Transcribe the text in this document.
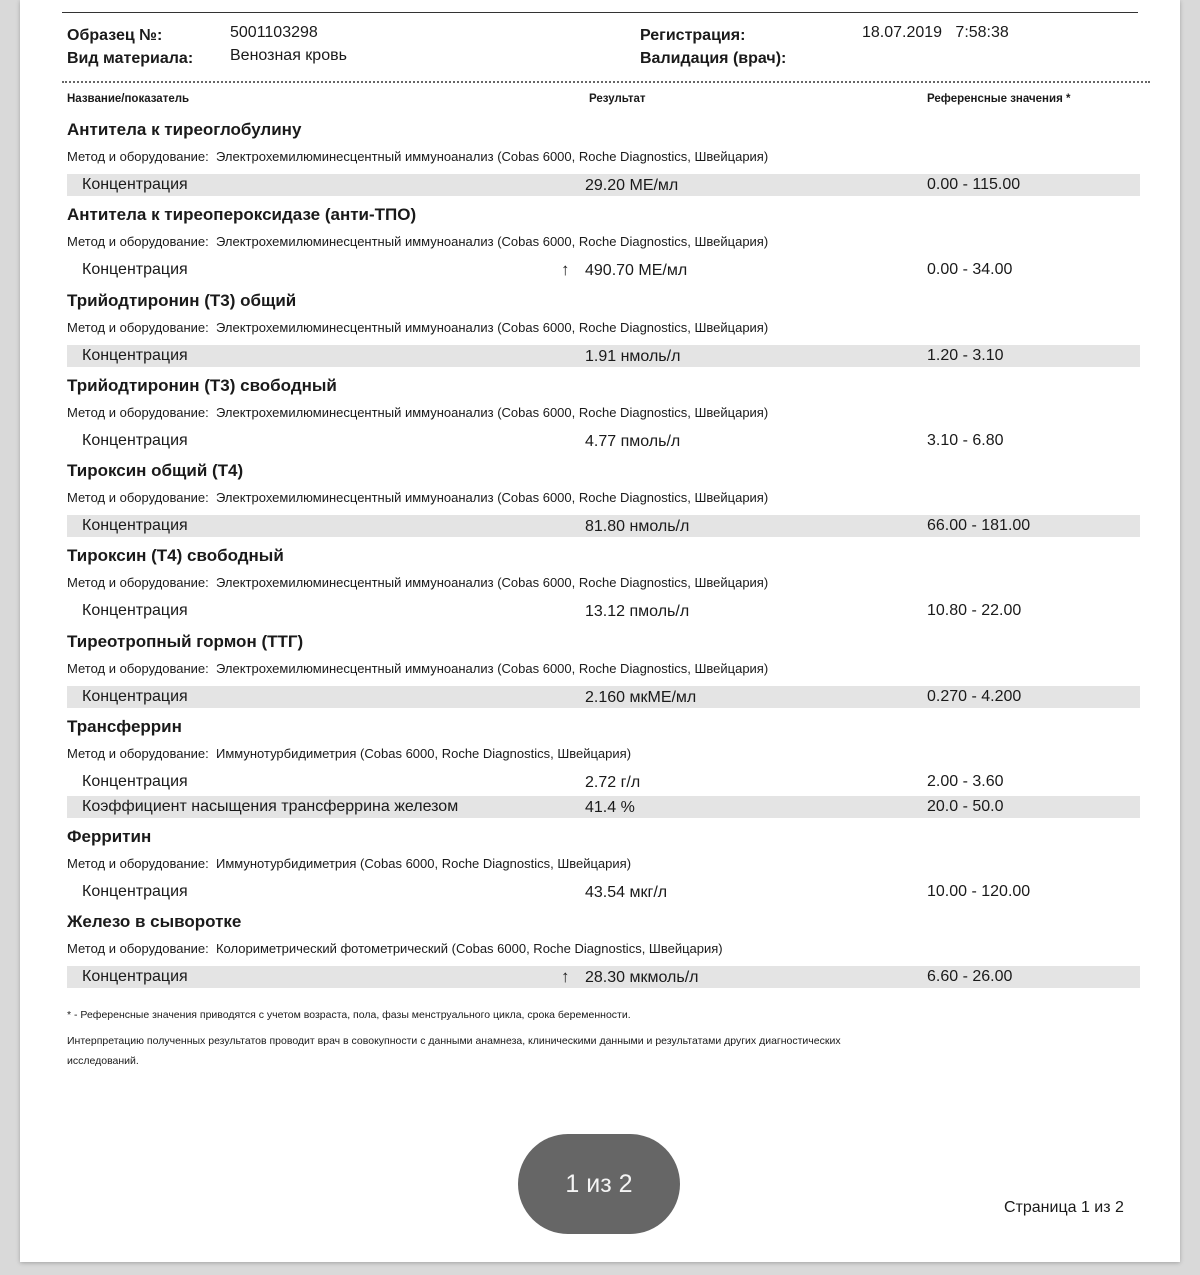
Образец №:	5001103298
Вид материала: Венозная кровь
Регистрация:	18.07.2019   7:58:38
Валидация (врач):
Название/показатель	Результат	Референсные значения *
Антитела к тиреоглобулину
Метод и оборудование: Электрохемилюминесцентный иммуноанализ (Cobas 6000, Roche Diagnostics, Швейцария)
Концентрация	29.20 МЕ/мл	0.00 - 115.00
Антитела к тиреопероксидазе (анти-ТПО)
Метод и оборудование: Электрохемилюминесцентный иммуноанализ (Cobas 6000, Roche Diagnostics, Швейцария)
Концентрация	↑ 490.70 МЕ/мл	0.00 - 34.00
Трийодтиронин (Т3) общий
Метод и оборудование: Электрохемилюминесцентный иммуноанализ (Cobas 6000, Roche Diagnostics, Швейцария)
Концентрация	1.91 нмоль/л	1.20 - 3.10
Трийодтиронин (Т3) свободный
Метод и оборудование: Электрохемилюминесцентный иммуноанализ (Cobas 6000, Roche Diagnostics, Швейцария)
Концентрация	4.77 пмоль/л	3.10 - 6.80
Тироксин общий (Т4)
Метод и оборудование: Электрохемилюминесцентный иммуноанализ (Cobas 6000, Roche Diagnostics, Швейцария)
Концентрация	81.80 нмоль/л	66.00 - 181.00
Тироксин (Т4) свободный
Метод и оборудование: Электрохемилюминесцентный иммуноанализ (Cobas 6000, Roche Diagnostics, Швейцария)
Концентрация	13.12 пмоль/л	10.80 - 22.00
Тиреотропный гормон (ТТГ)
Метод и оборудование: Электрохемилюминесцентный иммуноанализ (Cobas 6000, Roche Diagnostics, Швейцария)
Концентрация	2.160 мкМЕ/мл	0.270 - 4.200
Трансферрин
Метод и оборудование: Иммунотурбидиметрия (Cobas 6000, Roche Diagnostics, Швейцария)
Концентрация	2.72 г/л	2.00 - 3.60
Коэффициент насыщения трансферрина железом	41.4 %	20.0 - 50.0
Ферритин
Метод и оборудование: Иммунотурбидиметрия (Cobas 6000, Roche Diagnostics, Швейцария)
Концентрация	43.54 мкг/л	10.00 - 120.00
Железо в сыворотке
Метод и оборудование: Колориметрический фотометрический (Cobas 6000, Roche Diagnostics, Швейцария)
Концентрация	↑ 28.30 мкмоль/л	6.60 - 26.00
* - Референсные значения приводятся с учетом возраста, пола, фазы менструального цикла, срока беременности.
Интерпретацию полученных результатов проводит врач в совокупности с данными анамнеза, клиническими данными и результатами других диагностических исследований.
1 из 2
Страница 1 из 2
